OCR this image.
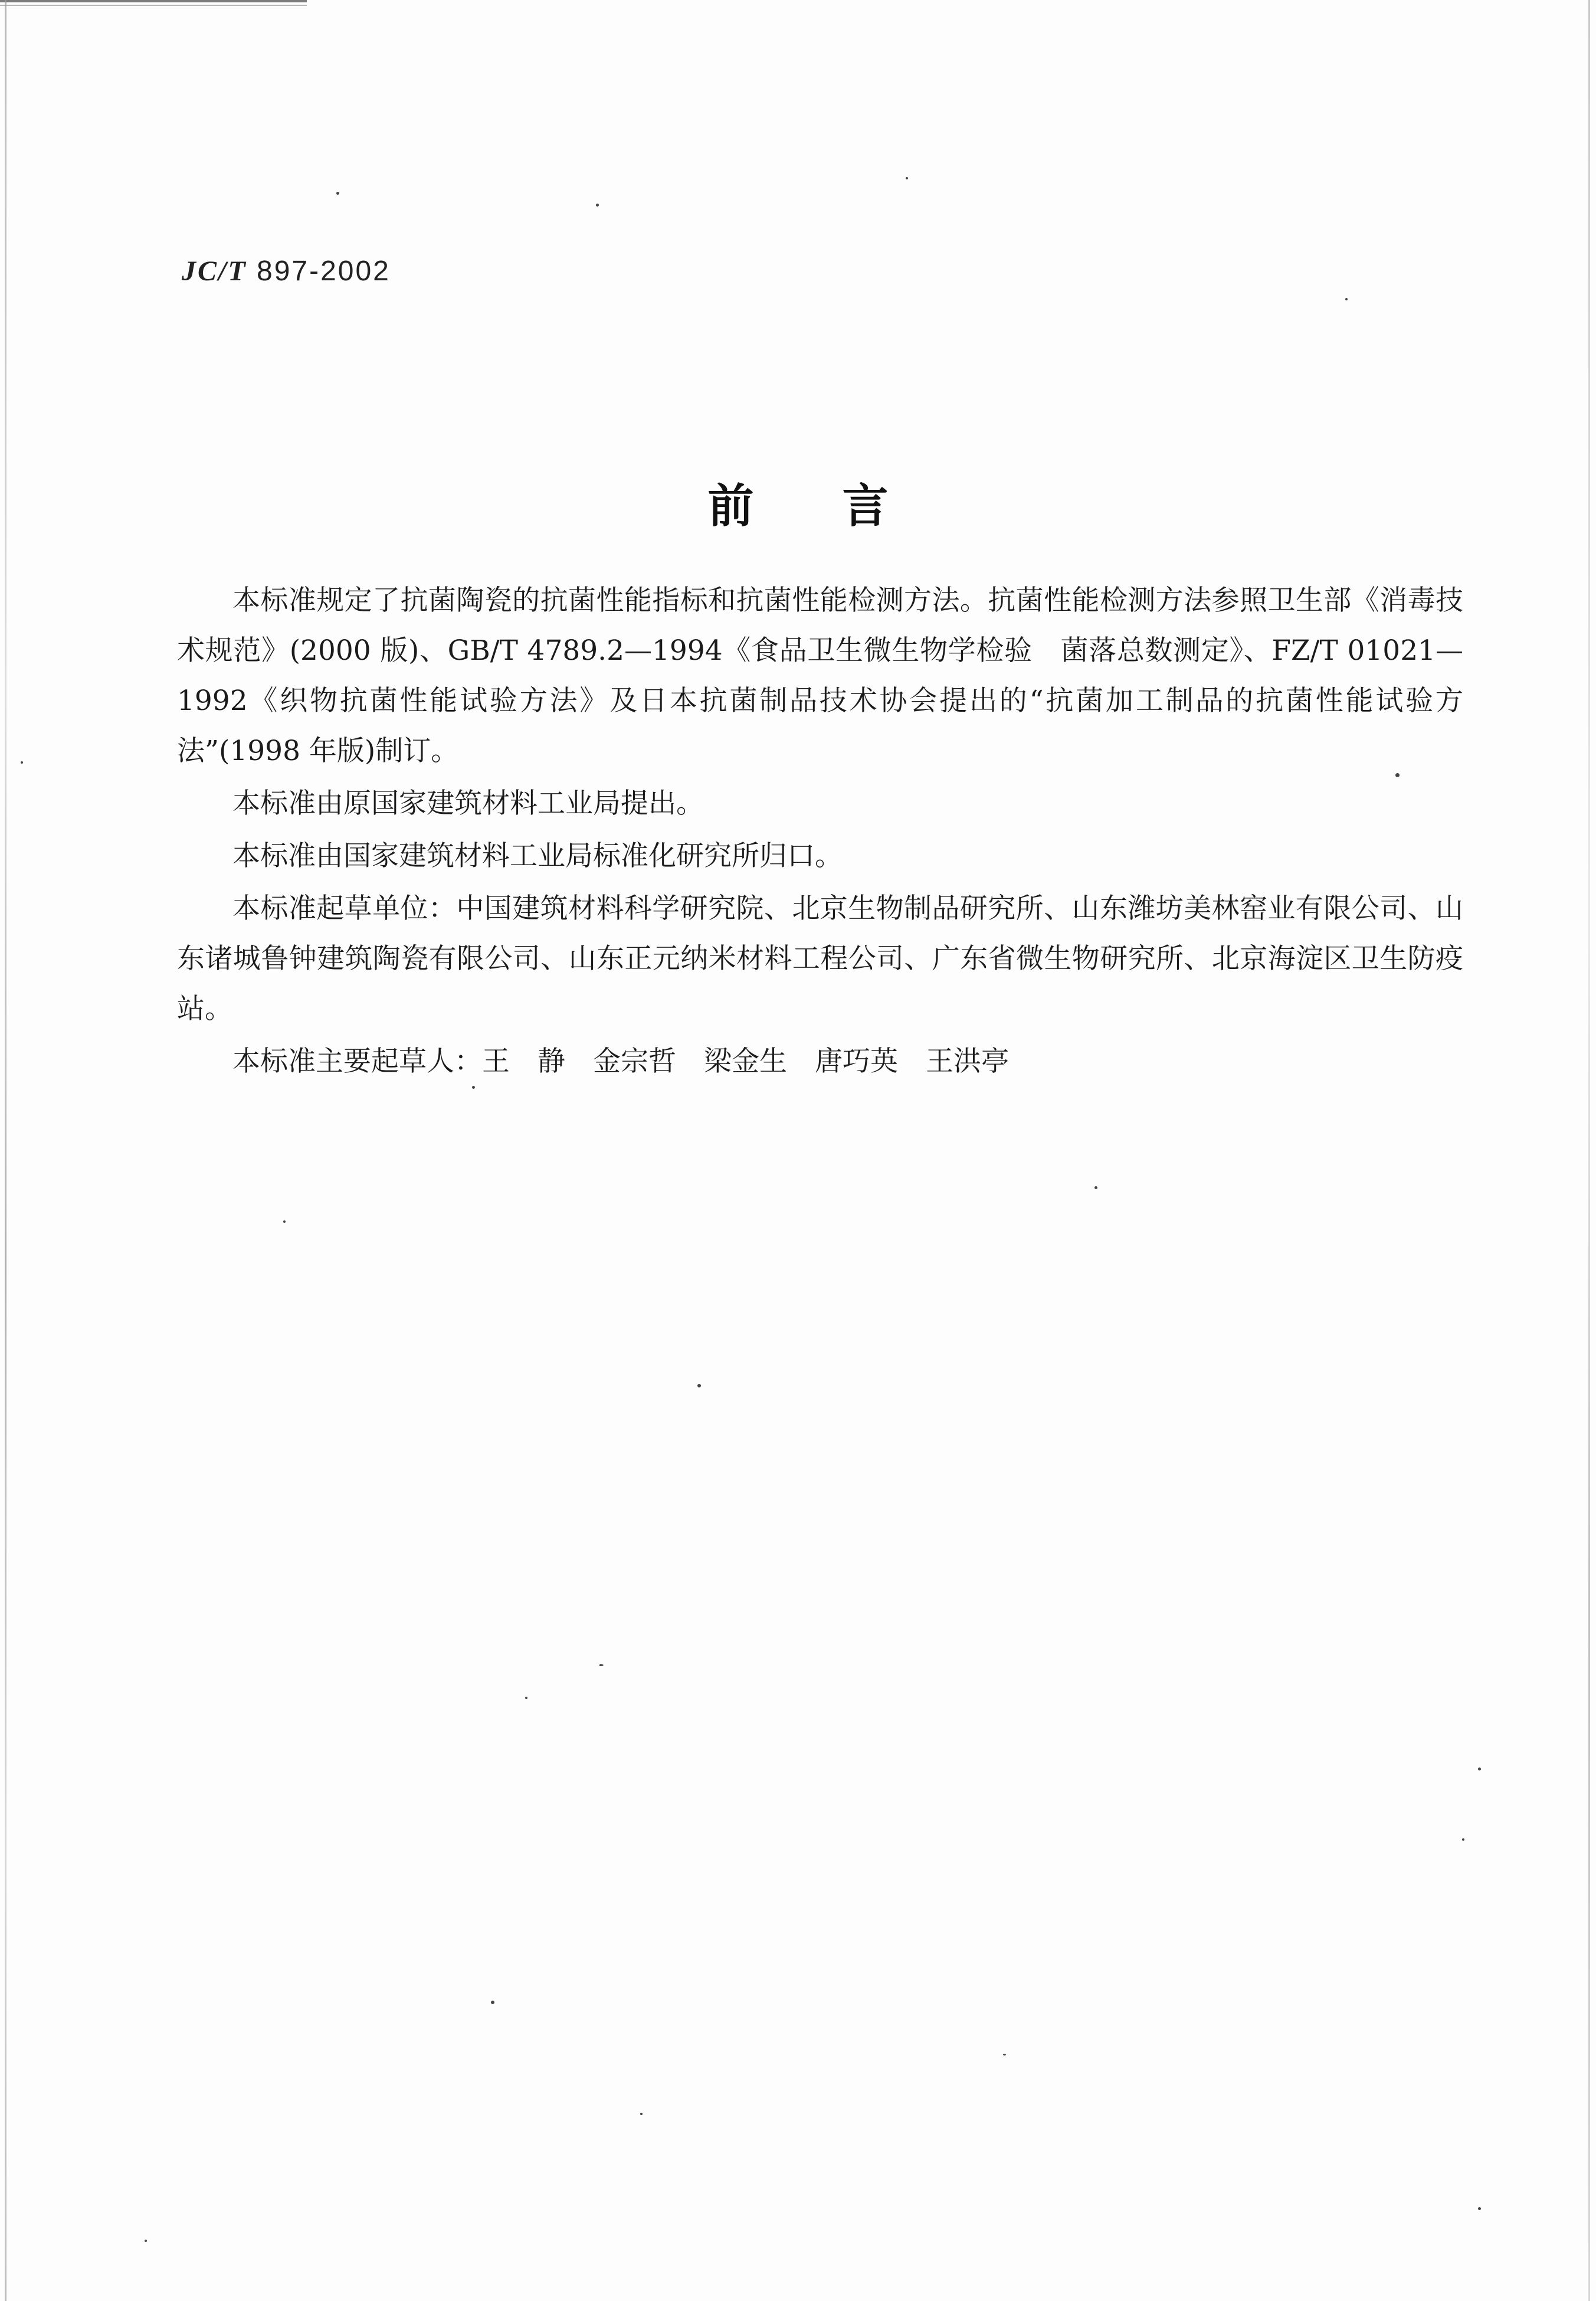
JC/T 897-2002
前言

本标准规定了抗菌陶瓷的抗菌性能指标和抗菌性能检测方法。抗菌性能检测方法参照卫生部《消毒技术规范》(2000 版)、GB/T 4789.2—1994《食品卫生微生物学检验　菌落总数测定》、FZ/T 01021—1992《织物抗菌性能试验方法》及日本抗菌制品技术协会提出的“抗菌加工制品的抗菌性能试验方法”(1998 年版)制订。

本标准由原国家建筑材料工业局提出。

本标准由国家建筑材料工业局标准化研究所归口。

本标准起草单位：中国建筑材料科学研究院、北京生物制品研究所、山东潍坊美林窑业有限公司、山东诸城鲁钟建筑陶瓷有限公司、山东正元纳米材料工程公司、广东省微生物研究所、北京海淀区卫生防疫站。

本标准主要起草人：王　静　金宗哲　梁金生　唐巧英　王洪亭
